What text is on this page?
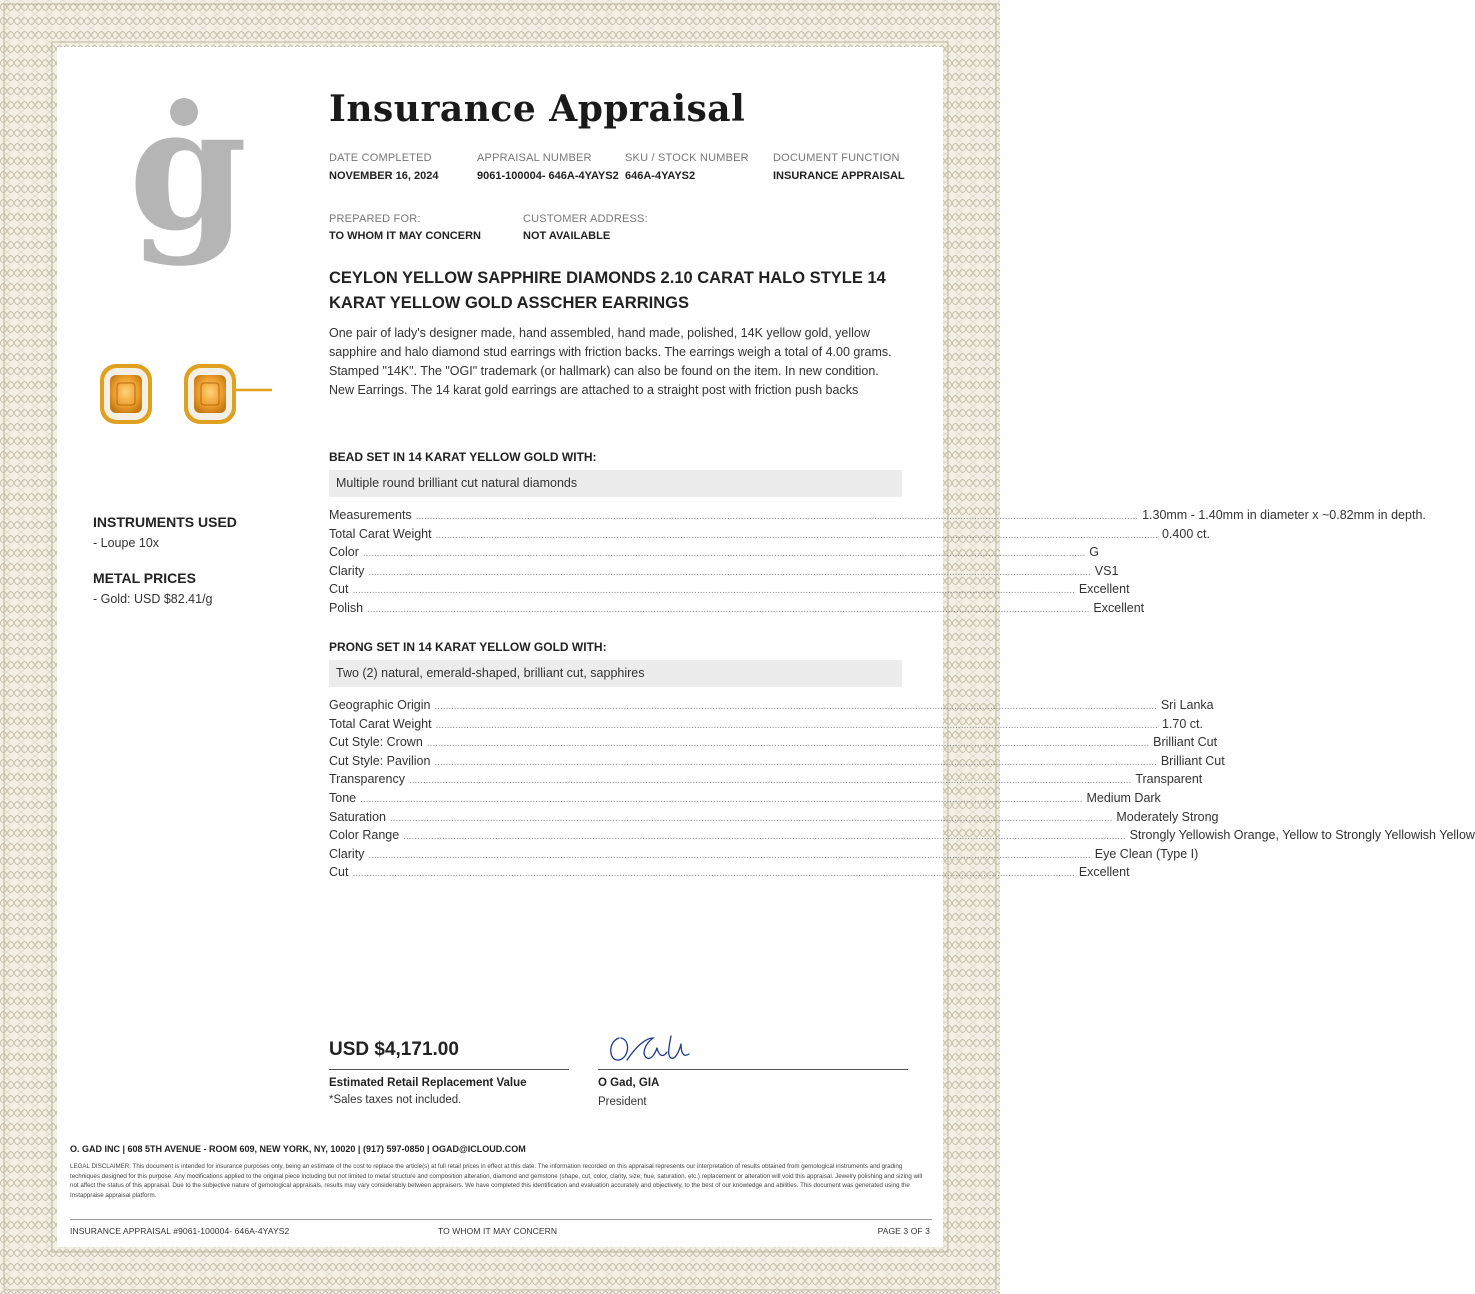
g
INSTRUMENTS USED
- Loupe 10x
METAL PRICES
- Gold: USD $82.41/g
Insurance Appraisal
DATE COMPLETED
NOVEMBER 16, 2024
APPRAISAL NUMBER
9061-100004- 646A-4YAYS2
SKU / STOCK NUMBER
646A-4YAYS2
DOCUMENT FUNCTION
INSURANCE APPRAISAL
PREPARED FOR:
TO WHOM IT MAY CONCERN
CUSTOMER ADDRESS:
NOT AVAILABLE
CEYLON YELLOW SAPPHIRE DIAMONDS 2.10 CARAT HALO STYLE 14 KARAT YELLOW GOLD ASSCHER EARRINGS

One pair of lady's designer made, hand assembled, hand made, polished, 14K yellow gold, yellow sapphire and halo diamond stud earrings with friction backs. The earrings weigh a total of 4.00 grams. Stamped "14K". The "OGI" trademark (or hallmark) can also be found on the item. In new condition.

New Earrings. The 14 karat gold earrings are attached to a straight post with friction push backs

BEAD SET IN 14 KARAT YELLOW GOLD WITH:
Multiple round brilliant cut natural diamonds
Measurements .................................................................................................................................................................................................................................................................... 1.30mm - 1.40mm in diameter x ~0.82mm in depth.
Total Carat Weight .................................................................................................................................................................................................................................................................... 0.400 ct.
Color .................................................................................................................................................................................................................................................................... G
Clarity .................................................................................................................................................................................................................................................................... VS1
Cut .................................................................................................................................................................................................................................................................... Excellent
Polish .................................................................................................................................................................................................................................................................... Excellent
PRONG SET IN 14 KARAT YELLOW GOLD WITH:
Two (2) natural, emerald-shaped, brilliant cut, sapphires
Geographic Origin .................................................................................................................................................................................................................................................................... Sri Lanka
Total Carat Weight .................................................................................................................................................................................................................................................................... 1.70 ct.
Cut Style: Crown .................................................................................................................................................................................................................................................................... Brilliant Cut
Cut Style: Pavilion .................................................................................................................................................................................................................................................................... Brilliant Cut
Transparency .................................................................................................................................................................................................................................................................... Transparent
Tone .................................................................................................................................................................................................................................................................... Medium Dark
Saturation .................................................................................................................................................................................................................................................................... Moderately Strong
Color Range .................................................................................................................................................................................................................................................................... Strongly Yellowish Orange, Yellow to Strongly Yellowish Yellow
Clarity .................................................................................................................................................................................................................................................................... Eye Clean (Type I)
Cut .................................................................................................................................................................................................................................................................... Excellent
USD $4,171.00
Estimated Retail Replacement Value
*Sales taxes not included.
O Gad, GIA
President
O. GAD INC | 608 5TH AVENUE - ROOM 609, NEW YORK, NY, 10020 | (917) 597-0850 | OGAD@ICLOUD.COM
LEGAL DISCLAIMER: This document is intended for insurance purposes only, being an estimate of the cost to replace the article(s) at full retail prices in effect at this date. The information recorded on this appraisal represents our interpretation of results obtained from gemological instruments and grading techniques designed for this purpose. Any modifications applied to the original piece including but not limited to metal structure and composition alteration, diamond and gemstone (shape, cut, color, clarity, size, hue, saturation, etc.) replacement or alteration will void this appraisal. Jewelry polishing and sizing will not affect the status of this appraisal. Due to the subjective nature of gemological appraisals, results may vary considerably between appraisers. We have completed this identification and evaluation accurately and objectively, to the best of our knowledge and abilities. This document was generated using the Instappraise appraisal platform.
INSURANCE APPRAISAL #9061-100004- 646A-4YAYS2	TO WHOM IT MAY CONCERN	PAGE 3 OF 3
